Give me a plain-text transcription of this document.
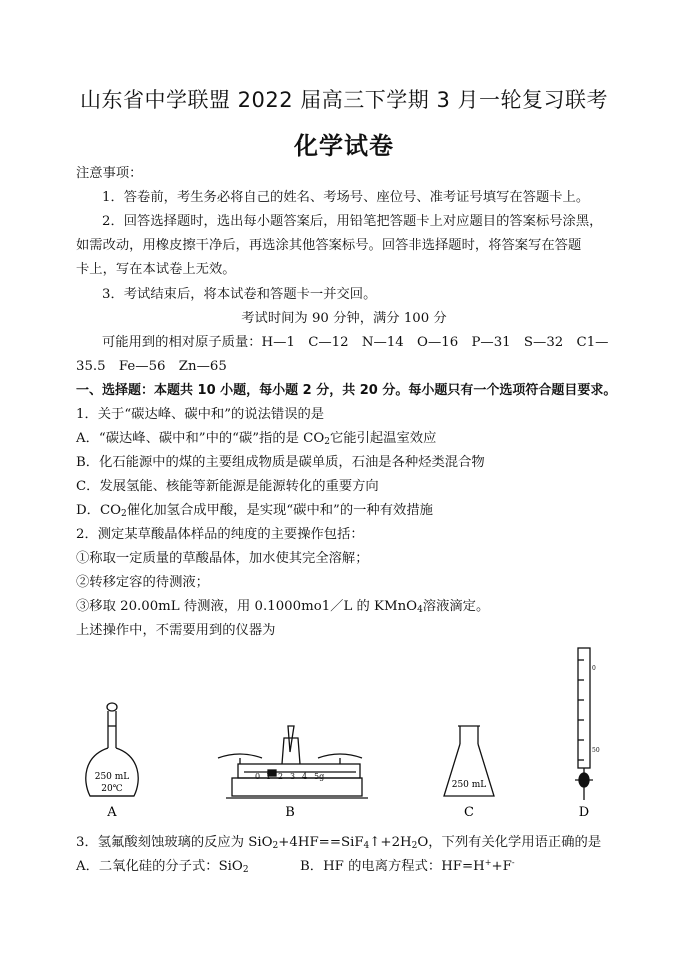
山东省中学联盟 2022 届高三下学期 3 月一轮复习联考
化学试卷
注意事项：
1．答卷前，考生务必将自己的姓名、考场号、座位号、准考证号填写在答题卡上。
2．回答选择题时，选出每小题答案后，用铅笔把答题卡上对应题目的答案标号涂黑，
如需改动，用橡皮擦干净后，再选涂其他答案标号。回答非选择题时，将答案写在答题
卡上，写在本试卷上无效。
3．考试结束后，将本试卷和答题卡一并交回。
考试时间为 90 分钟，满分 100 分
可能用到的相对原子质量：H—1　C—12　N—14　O—16　P—31　S—32　C1—
35.5　Fe—56　Zn—65
一、选择题：本题共 10 小题，每小题 2 分，共 20 分。每小题只有一个选项符合题目要求。
1．关于“碳达峰、碳中和”的说法错误的是
A．“碳达峰、碳中和”中的“碳”指的是 $CO_2$它能引起温室效应
B．化石能源中的煤的主要组成物质是碳单质，石油是各种烃类混合物
C．发展氢能、核能等新能源是能源转化的重要方向
D．$CO_2$催化加氢合成甲酸，是实现“碳中和”的一种有效措施
2．测定某草酸晶体样品的纯度的主要操作包括：
①称取一定质量的草酸晶体，加水使其完全溶解；
②转移定容的待测液；
③移取 20.00mL 待测液，用 0.1000mo1／L 的 KMnO$_4$溶液滴定。
上述操作中，不需要用到的仪器为
250 mL
20℃
A
0 1 2 3 4 5g
B
250 mL
C
0
50
D
3．氢氟酸刻蚀玻璃的反应为 $SiO_2+4HF==SiF_4↑+2H_2O$，下列有关化学用语正确的是
A．二氧化硅的分子式：SiO$_2$	B．HF 的电离方程式：HF=H++F-
